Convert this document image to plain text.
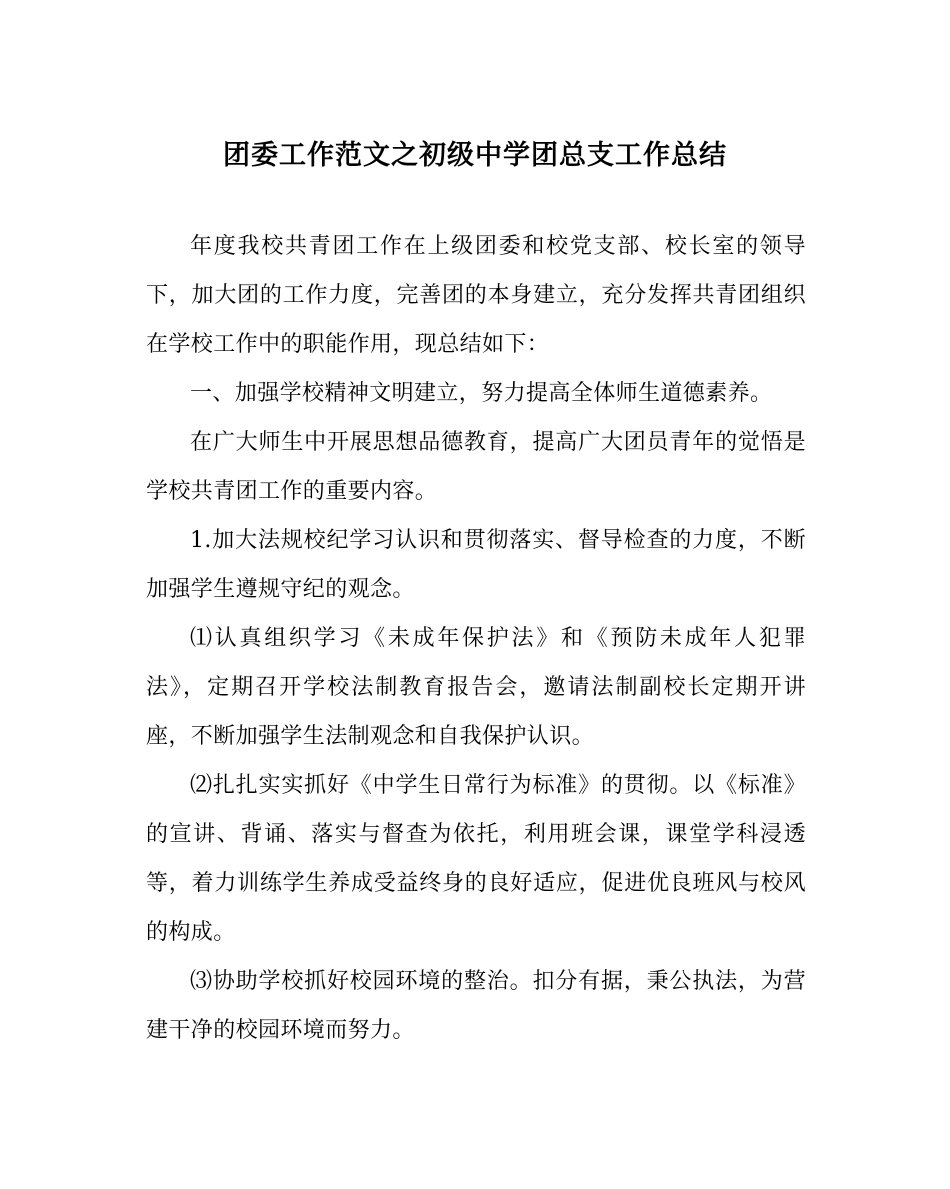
团委工作范文之初级中学团总支工作总结

年度我校共青团工作在上级团委和校党支部、校长室的领导下，加大团的工作力度，完善团的本身建立，充分发挥共青团组织在学校工作中的职能作用，现总结如下：

一、加强学校精神文明建立，努力提高全体师生道德素养。

在广大师生中开展思想品德教育，提高广大团员青年的觉悟是学校共青团工作的重要内容。

1.加大法规校纪学习认识和贯彻落实、督导检查的力度，不断加强学生遵规守纪的观念。

⑴认真组织学习《未成年保护法》和《预防未成年人犯罪法》，定期召开学校法制教育报告会，邀请法制副校长定期开讲座，不断加强学生法制观念和自我保护认识。

⑵扎扎实实抓好《中学生日常行为标准》的贯彻。以《标准》的宣讲、背诵、落实与督查为依托，利用班会课，课堂学科浸透等，着力训练学生养成受益终身的良好适应，促进优良班风与校风的构成。

⑶协助学校抓好校园环境的整治。扣分有据，秉公执法，为营建干净的校园环境而努力。
